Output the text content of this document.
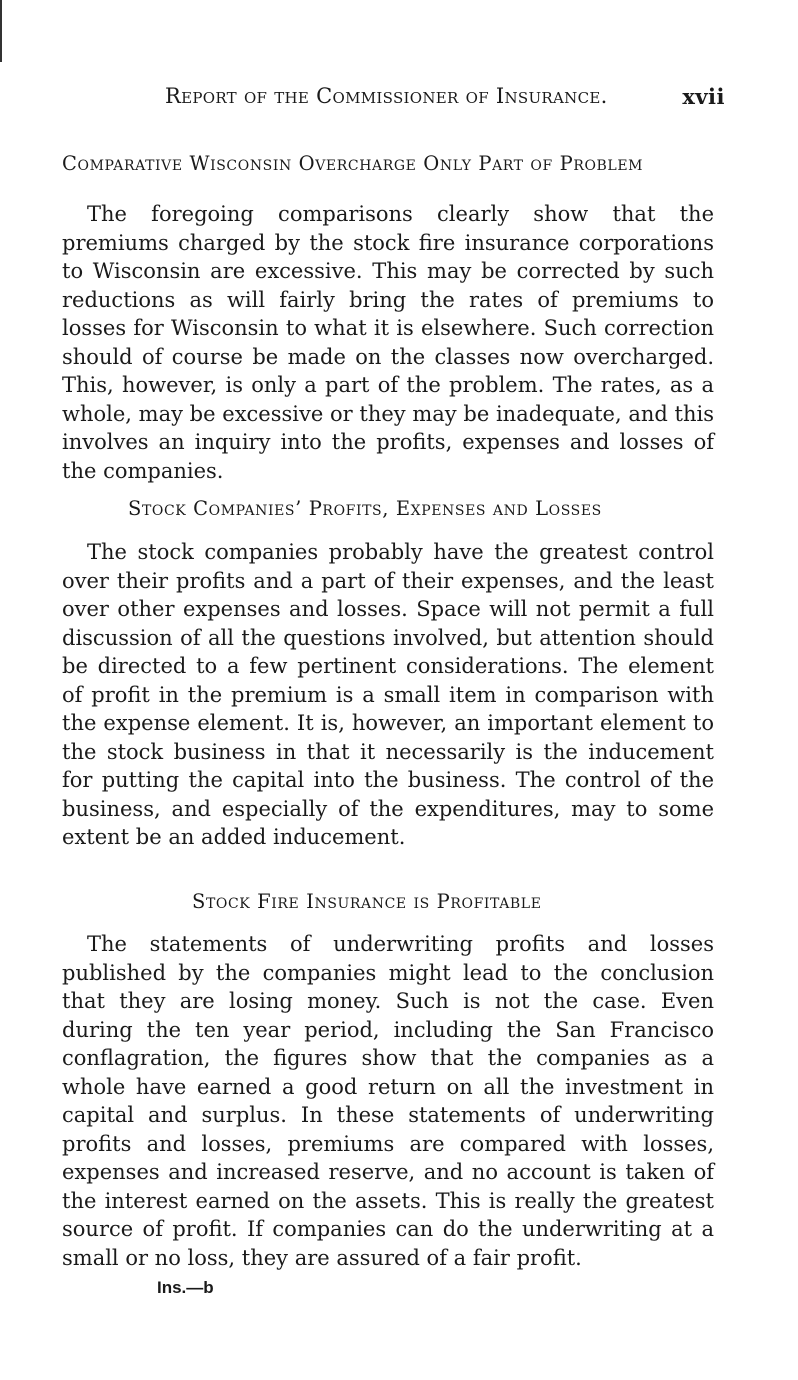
Report of the Commissioner of Insurance.	xvii
Comparative Wisconsin Overcharge Only Part of Problem

The foregoing comparisons clearly show that the premiums charged by the stock fire insurance corporations to Wisconsin are excessive. This may be corrected by such reductions as will fairly bring the rates of premiums to losses for Wisconsin to what it is elsewhere. Such correction should of course be made on the classes now overcharged. This, however, is only a part of the problem. The rates, as a whole, may be excessive or they may be inadequate, and this involves an inquiry into the profits, expenses and losses of the companies.

Stock Companies’ Profits, Expenses and Losses

The stock companies probably have the greatest control over their profits and a part of their expenses, and the least over other expenses and losses. Space will not permit a full discussion of all the questions involved, but attention should be directed to a few pertinent considerations. The element of profit in the premium is a small item in comparison with the expense element. It is, however, an important element to the stock business in that it necessarily is the inducement for putting the capital into the business. The control of the business, and especially of the expenditures, may to some extent be an added inducement.

Stock Fire Insurance is Profitable

The statements of underwriting profits and losses published by the companies might lead to the conclusion that they are losing money. Such is not the case. Even during the ten year period, including the San Francisco conflagration, the figures show that the companies as a whole have earned a good return on all the investment in capital and surplus. In these statements of underwriting profits and losses, premiums are compared with losses, expenses and increased reserve, and no account is taken of the interest earned on the assets. This is really the greatest source of profit. If companies can do the underwriting at a small or no loss, they are assured of a fair profit.

Ins.—b
